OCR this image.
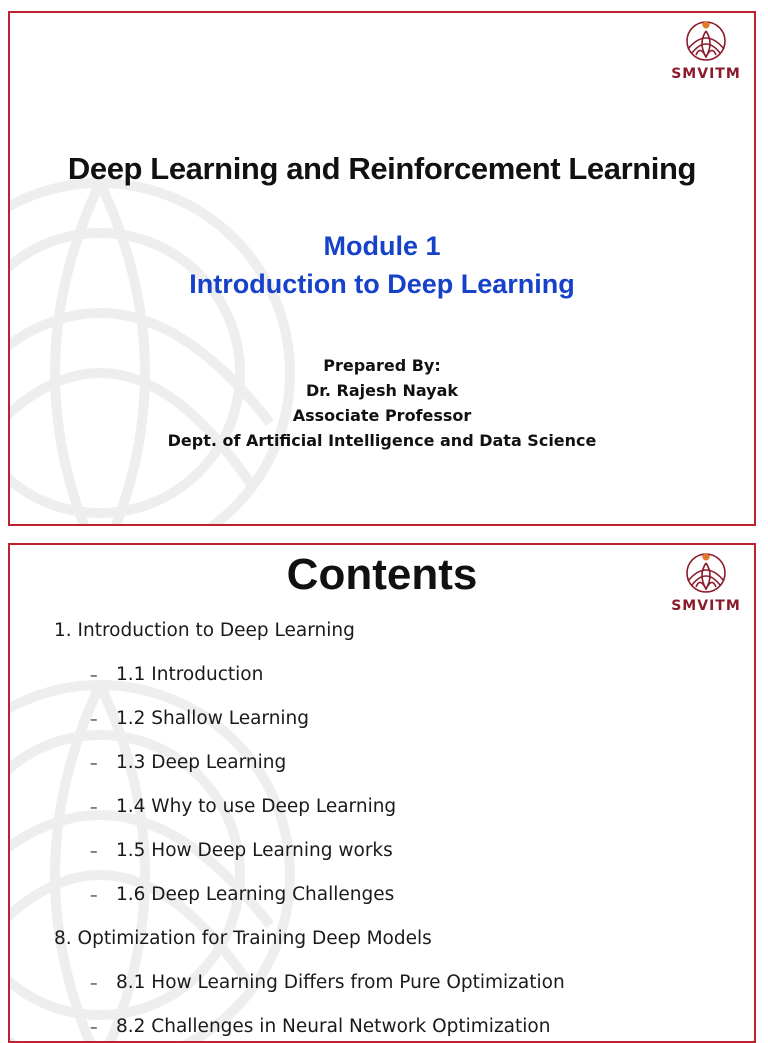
SMVITM
Deep Learning and Reinforcement Learning
Module 1
Introduction to Deep Learning
Prepared By:
Dr. Rajesh Nayak
Associate Professor
Dept. of Artificial Intelligence and Data Science
SMVITM
Contents
1. Introduction to Deep Learning
– 1.1 Introduction
– 1.2 Shallow Learning
– 1.3 Deep Learning
– 1.4 Why to use Deep Learning
– 1.5 How Deep Learning works
– 1.6 Deep Learning Challenges
8. Optimization for Training Deep Models
– 8.1 How Learning Differs from Pure Optimization
– 8.2 Challenges in Neural Network Optimization
